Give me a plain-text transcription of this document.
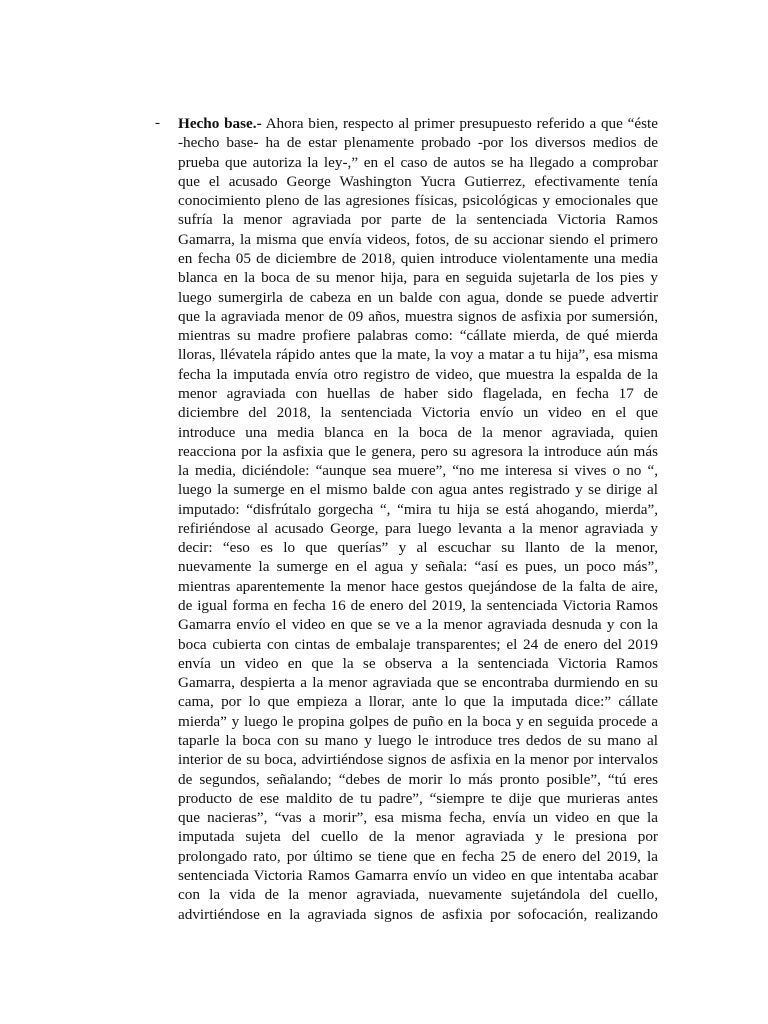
- Hecho base.- Ahora bien, respecto al primer presupuesto referido a que “éste
-hecho base- ha de estar plenamente probado -por los diversos medios de
prueba que autoriza la ley-,” en el caso de autos se ha llegado a comprobar
que el acusado George Washington Yucra Gutierrez, efectivamente tenía
conocimiento pleno de las agresiones físicas, psicológicas y emocionales que
sufría la menor agraviada por parte de la sentenciada Victoria Ramos
Gamarra, la misma que envía videos, fotos, de su accionar siendo el primero
en fecha 05 de diciembre de 2018, quien introduce violentamente una media
blanca en la boca de su menor hija, para en seguida sujetarla de los pies y
luego sumergirla de cabeza en un balde con agua, donde se puede advertir
que la agraviada menor de 09 años, muestra signos de asfixia por sumersión,
mientras su madre profiere palabras como: “cállate mierda, de qué mierda
lloras, llévatela rápido antes que la mate, la voy a matar a tu hija”, esa misma
fecha la imputada envía otro registro de video, que muestra la espalda de la
menor agraviada con huellas de haber sido flagelada, en fecha 17 de
diciembre del 2018, la sentenciada Victoria envío un video en el que
introduce una media blanca en la boca de la menor agraviada, quien
reacciona por la asfixia que le genera, pero su agresora la introduce aún más
la media, diciéndole: “aunque sea muere”, “no me interesa si vives o no “,
luego la sumerge en el mismo balde con agua antes registrado y se dirige al
imputado: “disfrútalo gorgecha “, “mira tu hija se está ahogando, mierda”,
refiriéndose al acusado George, para luego levanta a la menor agraviada y
decir: “eso es lo que querías” y al escuchar su llanto de la menor,
nuevamente la sumerge en el agua y señala: “así es pues, un poco más”,
mientras aparentemente la menor hace gestos quejándose de la falta de aire,
de igual forma en fecha 16 de enero del 2019, la sentenciada Victoria Ramos
Gamarra envío el video en que se ve a la menor agraviada desnuda y con la
boca cubierta con cintas de embalaje transparentes; el 24 de enero del 2019
envía un video en que la se observa a la sentenciada Victoria Ramos
Gamarra, despierta a la menor agraviada que se encontraba durmiendo en su
cama, por lo que empieza a llorar, ante lo que la imputada dice:” cállate
mierda” y luego le propina golpes de puño en la boca y en seguida procede a
taparle la boca con su mano y luego le introduce tres dedos de su mano al
interior de su boca, advirtiéndose signos de asfixia en la menor por intervalos
de segundos, señalando; “debes de morir lo más pronto posible”, “tú eres
producto de ese maldito de tu padre”, “siempre te dije que murieras antes
que nacieras”, “vas a morir”, esa misma fecha, envía un video en que la
imputada sujeta del cuello de la menor agraviada y le presiona por
prolongado rato, por último se tiene que en fecha 25 de enero del 2019, la
sentenciada Victoria Ramos Gamarra envío un video en que intentaba acabar
con la vida de la menor agraviada, nuevamente sujetándola del cuello,
advirtiéndose en la agraviada signos de asfixia por sofocación, realizando
